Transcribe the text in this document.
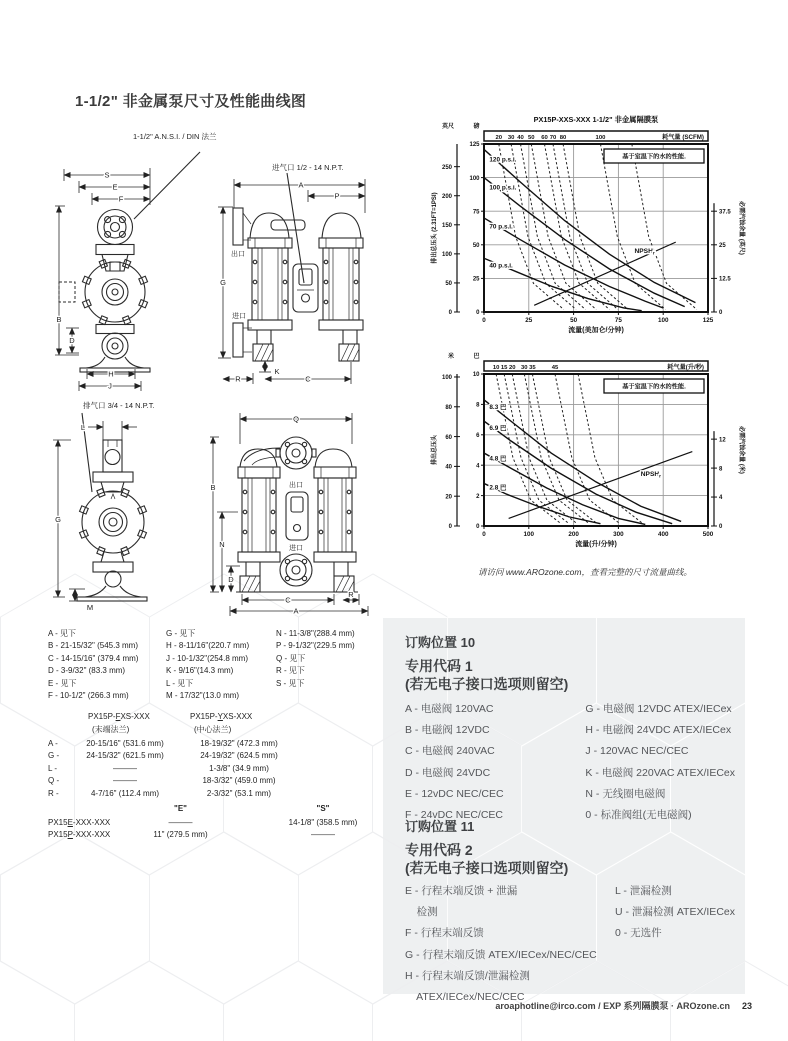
1-1/2" 非金属泵尺寸及性能曲线图
1-1/2" A.N.S.I. / DIN 法兰
进气口 1/2 - 14 N.P.T.
排气口 3/4 - 14 N.P.T.
S
E
F
B
D
H
J
A
P
G
K
R	C
出口
进口
L
G
M
Q
B
N
D
C
R
A
出口
进口
PX15P-XXS-XXX 1-1/2" 非金属隔膜泵
20 30 40 50 60 70 80	100	耗气量 (SCFM)
120 p.s.i.
100 p.s.i.
70 p.s.i.
40 p.s.i.
$NPSH_r$
基于室温下的水的性能.
0	25	50	75	100	125
流量(美加仑/分钟)
0
25
50
75
100
125
磅
0
50
100
150
200
250
英尺
排出总压头 (2.31FT=1PSI)
0
12.5
25
37.5 必需汽蚀余量 (英尺)
10 15 20 30 35	45	耗气量(升/秒)
8.3 巴
6.9 巴
4.8 巴
2.8 巴
$NPSH_r$
基于室温下的水的性能.
0	100	200	300	400	500
流量(升/分钟)
0
2
4
6
8
10
巴
0
20
40
60
80
100
米
排出总压头
0
4
8
12 必需汽蚀余量 (米)
请访问 www.AROzone.com，查看完整的尺寸流量曲线。
A - 见下
B - 21-15/32" (545.3 mm)
C - 14-15/16" (379.4 mm)
D - 3-9/32" (83.3 mm)
E - 见下
F - 10-1/2" (266.3 mm)
G - 见下
H - 8-11/16"(220.7 mm)
J - 10-1/32"(254.8 mm)
K - 9/16"(14.3 mm)
L - 见下
M - 17/32"(13.0 mm)
N - 11-3/8"(288.4 mm)
P - 9-1/32"(229.5 mm)
Q - 见下
R - 见下
S - 见下
PX15P-FXS-XXX
(末端法兰)
PX15P-YXS-XXX
(中心法兰)
A -	20-15/16" (531.6 mm)	18-19/32" (472.3 mm)
G -	24-15/32" (621.5 mm)	24-19/32" (624.5 mm)
L -	———	1-3/8" (34.9 mm)
Q -	———	18-3/32" (459.0 mm)
R -	4-7/16" (112.4 mm)	2-3/32" (53.1 mm)
"E"	"S"
PX15E-XXX-XXX	———	14-1/8" (358.5 mm)
PX15P-XXX-XXX	11" (279.5 mm)	———
订购位置 10
专用代码 1
(若无电子接口选项则留空)
A - 电磁阀 120VAC
B - 电磁阀 12VDC
C - 电磁阀 240VAC
D - 电磁阀 24VDC
E - 12vDC NEC/CEC
F - 24vDC NEC/CEC
G - 电磁阀 12VDC ATEX/IECex
H - 电磁阀 24VDC ATEX/IECex
J - 120VAC NEC/CEC
K - 电磁阀 220VAC ATEX/IECex
N - 无线圈电磁阀
0 - 标准阀组(无电磁阀)
订购位置 11
专用代码 2
(若无电子接口选项则留空)
E - 行程末端反馈 + 泄漏
检测
F - 行程末端反馈
G - 行程末端反馈 ATEX/IECex/NEC/CEC
H - 行程末端反馈/泄漏检测
ATEX/IECex/NEC/CEC
L - 泄漏检测
U - 泄漏检测 ATEX/IECex
0 - 无选件
aroaphotline@irco.com / EXP 系列隔膜泵 · AROzone.cn 23
